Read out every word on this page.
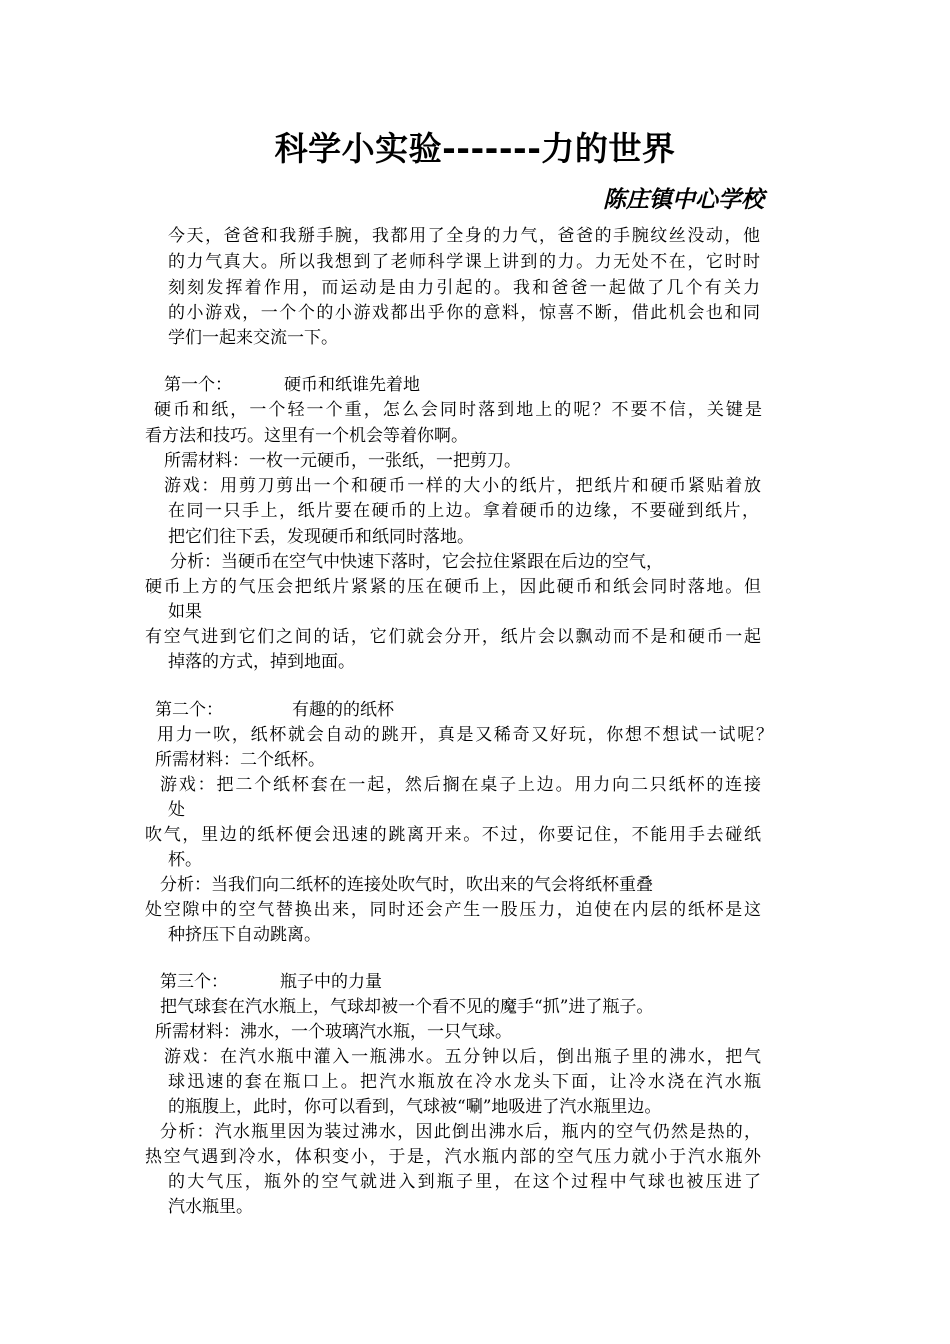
科学小实验-------力的世界
陈庄镇中心学校
今天，爸爸和我掰手腕，我都用了全身的力气，爸爸的手腕纹丝没动，他
的力气真大。所以我想到了老师科学课上讲到的力。力无处不在，它时时
刻刻发挥着作用，而运动是由力引起的。我和爸爸一起做了几个有关力
的小游戏，一个个的小游戏都出乎你的意料，惊喜不断，借此机会也和同
学们一起来交流一下。
第一个：	硬币和纸谁先着地
硬币和纸，一个轻一个重，怎么会同时落到地上的呢？不要不信，关键是
看方法和技巧。这里有一个机会等着你啊。
所需材料：一枚一元硬币，一张纸，一把剪刀。
游戏：用剪刀剪出一个和硬币一样的大小的纸片，把纸片和硬币紧贴着放
在同一只手上，纸片要在硬币的上边。拿着硬币的边缘，不要碰到纸片，
把它们往下丢，发现硬币和纸同时落地。
分析：当硬币在空气中快速下落时，它会拉住紧跟在后边的空气，
硬币上方的气压会把纸片紧紧的压在硬币上，因此硬币和纸会同时落地。但
如果
有空气进到它们之间的话，它们就会分开，纸片会以飘动而不是和硬币一起
掉落的方式，掉到地面。
第二个：	有趣的的纸杯
用力一吹，纸杯就会自动的跳开，真是又稀奇又好玩，你想不想试一试呢？
所需材料：二个纸杯。
游戏：把二个纸杯套在一起，然后搁在桌子上边。用力向二只纸杯的连接
处
吹气，里边的纸杯便会迅速的跳离开来。不过，你要记住，不能用手去碰纸
杯。
分析：当我们向二纸杯的连接处吹气时，吹出来的气会将纸杯重叠
处空隙中的空气替换出来，同时还会产生一股压力，迫使在内层的纸杯是这
种挤压下自动跳离。
第三个：	瓶子中的力量
把气球套在汽水瓶上，气球却被一个看不见的魔手“抓”进了瓶子。
所需材料：沸水，一个玻璃汽水瓶，一只气球。
游戏：在汽水瓶中灌入一瓶沸水。五分钟以后，倒出瓶子里的沸水，把气
球迅速的套在瓶口上。把汽水瓶放在冷水龙头下面，让冷水浇在汽水瓶
的瓶腹上，此时，你可以看到，气球被“唰”地吸进了汽水瓶里边。
分析：汽水瓶里因为装过沸水，因此倒出沸水后，瓶内的空气仍然是热的，
热空气遇到冷水，体积变小，于是，汽水瓶内部的空气压力就小于汽水瓶外
的大气压，瓶外的空气就进入到瓶子里，在这个过程中气球也被压进了
汽水瓶里。
